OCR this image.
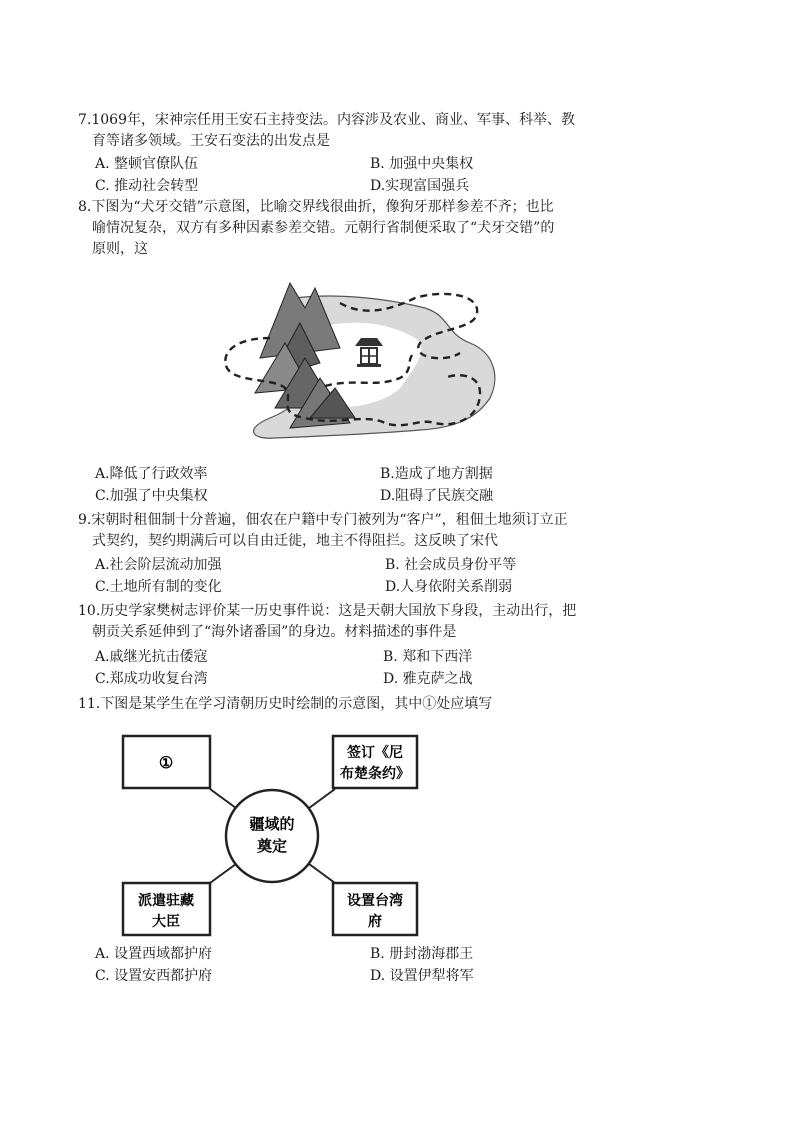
7.1069年，宋神宗任用王安石主持变法。内容涉及农业、商业、军事、科举、教
育等诸多领域。王安石变法的出发点是
A. 整顿官僚队伍	B. 加强中央集权
C. 推动社会转型	D.实现富国强兵
8.下图为“犬牙交错”示意图，比喻交界线很曲折，像狗牙那样参差不齐；也比
喻情况复杂，双方有多种因素参差交错。元朝行省制便采取了“犬牙交错”的
原则，这
A.降低了行政效率	B.造成了地方割据
C.加强了中央集权	D.阻碍了民族交融
9.宋朝时租佃制十分普遍，佃农在户籍中专门被列为“客户”，租佃土地须订立正
式契约，契约期满后可以自由迁徙，地主不得阻拦。这反映了宋代
A.社会阶层流动加强	B. 社会成员身份平等
C.土地所有制的变化	D.人身依附关系削弱
10.历史学家樊树志评价某一历史事件说：这是天朝大国放下身段，主动出行，把
朝贡关系延伸到了“海外诸番国”的身边。材料描述的事件是
A.戚继光抗击倭寇	B. 郑和下西洋
C.郑成功收复台湾	D. 雅克萨之战
11.下图是某学生在学习清朝历史时绘制的示意图，其中①处应填写
疆域的
奠定
①	签订《尼
布楚条约》
派遣驻藏
大臣
设置台湾
府
A. 设置西域都护府	B. 册封渤海郡王
C. 设置安西都护府	D. 设置伊犁将军
